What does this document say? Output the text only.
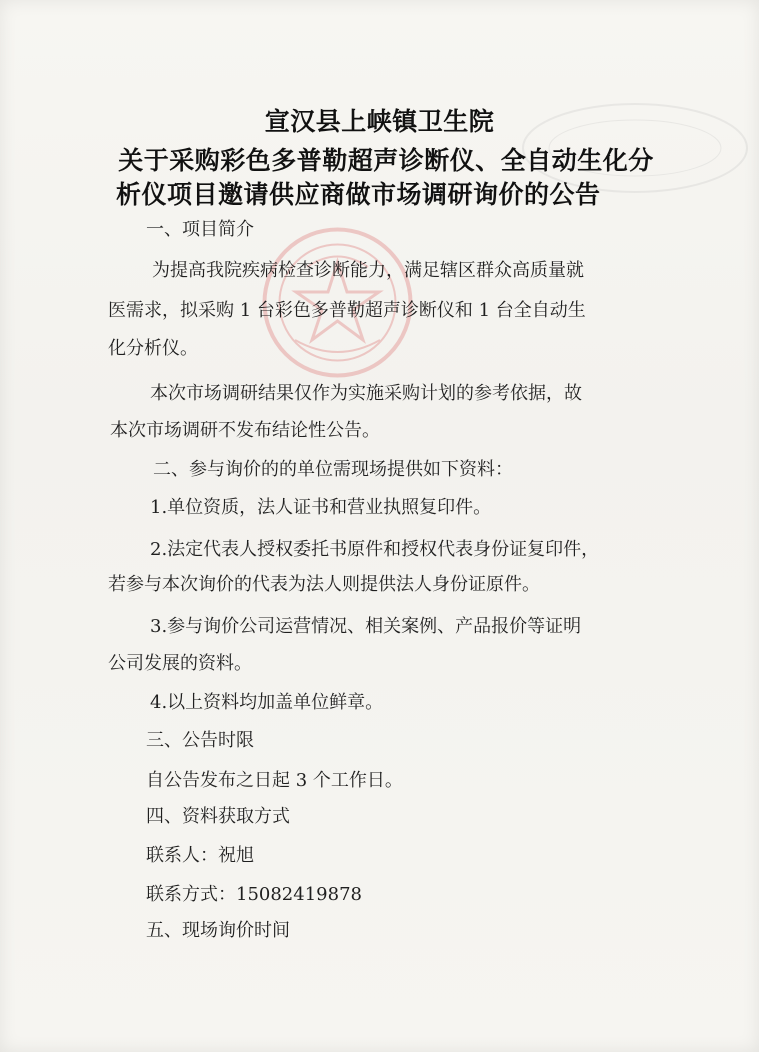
宣汉县上峡镇卫生院
关于采购彩色多普勒超声诊断仪、全自动生化分
析仪项目邀请供应商做市场调研询价的公告
一、项目简介
为提高我院疾病检查诊断能力，满足辖区群众高质量就
医需求，拟采购 1 台彩色多普勒超声诊断仪和 1 台全自动生
化分析仪。
本次市场调研结果仅作为实施采购计划的参考依据，故
本次市场调研不发布结论性公告。
二、参与询价的的单位需现场提供如下资料：
1.单位资质，法人证书和营业执照复印件。
2.法定代表人授权委托书原件和授权代表身份证复印件，
若参与本次询价的代表为法人则提供法人身份证原件。
3.参与询价公司运营情况、相关案例、产品报价等证明
公司发展的资料。
4.以上资料均加盖单位鲜章。
三、公告时限
自公告发布之日起 3 个工作日。
四、资料获取方式
联系人：祝旭
联系方式：15082419878
五、现场询价时间
